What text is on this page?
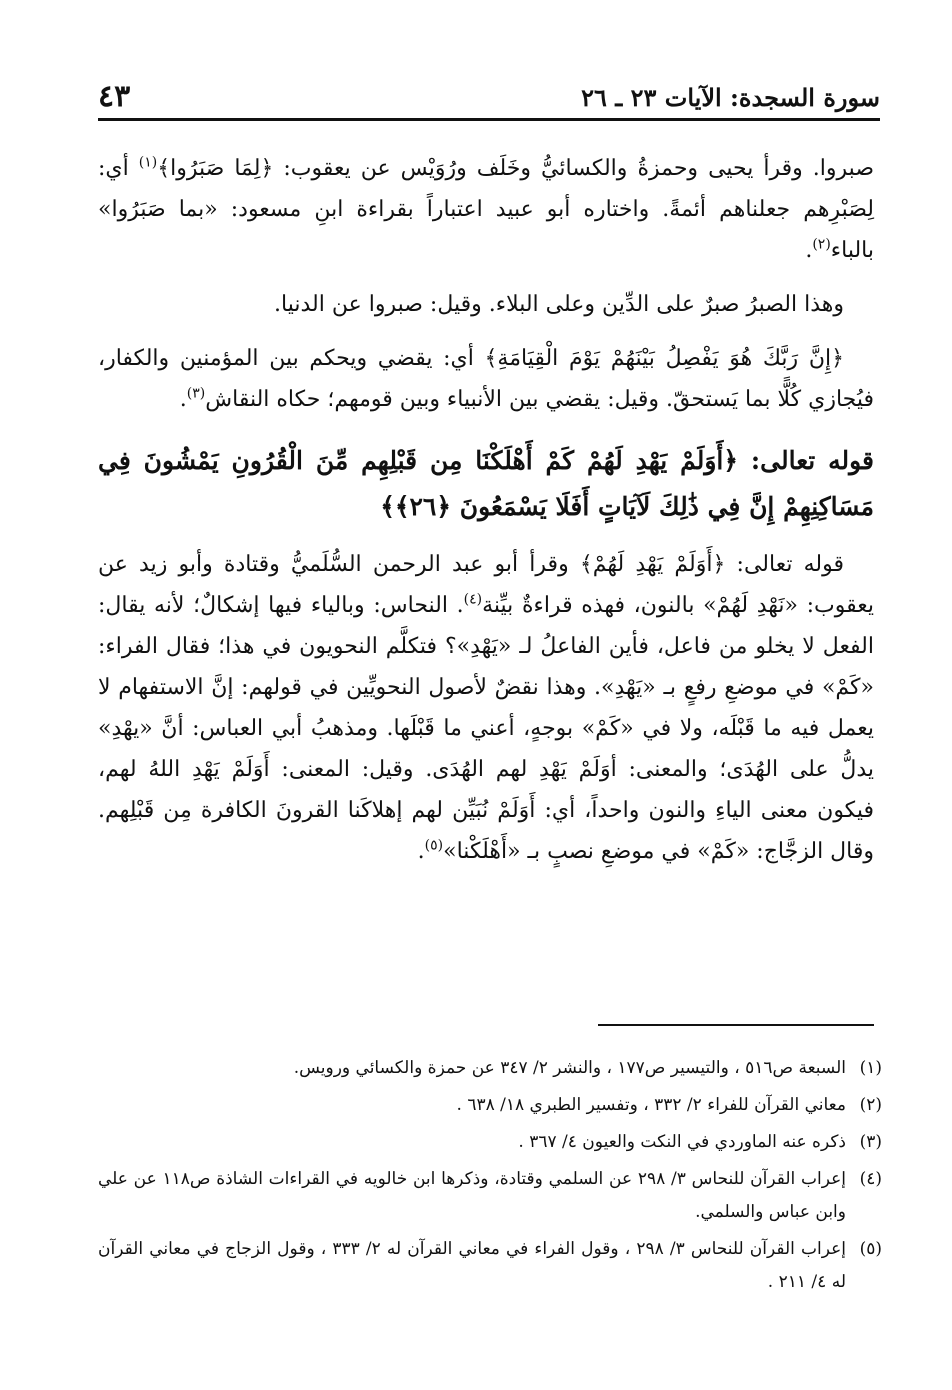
٤٣	سورة السجدة: الآيات ٢٣ ـ ٢٦

صبروا. وقرأ يحيى وحمزةُ والكسائيُّ وخَلَف ورُوَيْس عن يعقوب: ﴿لِمَا صَبَرُوا﴾$^{(١)}$ أي: لِصَبْرِهم جعلناهم أئمةً. واختاره أبو عبيد اعتباراً بقراءة ابنِ مسعود: «بما صَبَرُوا» بالباء$^{(٢)}$.

وهذا الصبرُ صبرٌ على الدِّين وعلى البلاء. وقيل: صبروا عن الدنيا.

﴿إِنَّ رَبَّكَ هُوَ يَفْصِلُ بَيْنَهُمْ يَوْمَ الْقِيَامَةِ﴾ أي: يقضي ويحكم بين المؤمنين والكفار، فيُجازي كُلًّا بما يَستحقّ. وقيل: يقضي بين الأنبياء وبين قومهم؛ حكاه النقاش$^{(٣)}$.

قوله تعالى: ﴿أَوَلَمْ يَهْدِ لَهُمْ كَمْ أَهْلَكْنَا مِن قَبْلِهِم مِّنَ الْقُرُونِ يَمْشُونَ فِي مَسَاكِنِهِمْ إِنَّ فِي ذَٰلِكَ لَآيَاتٍ أَفَلَا يَسْمَعُونَ ﴿٢٦﴾﴾

قوله تعالى: ﴿أَوَلَمْ يَهْدِ لَهُمْ﴾ وقرأ أبو عبد الرحمن السُّلَميُّ وقتادة وأبو زيد عن يعقوب: «نَهْدِ لَهُمْ» بالنون، فهذه قراءةٌ بيِّنة$^{(٤)}$. النحاس: وبالياء فيها إشكالٌ؛ لأنه يقال: الفعل لا يخلو من فاعل، فأين الفاعلُ لـ «يَهْدِ»؟ فتكلَّم النحويون في هذا؛ فقال الفراء: «كَمْ» في موضعِ رفعٍ بـ «يَهْدِ». وهذا نقضٌ لأصول النحويِّين في قولهم: إنَّ الاستفهام لا يعمل فيه ما قَبْلَه، ولا في «كَمْ» بوجهٍ، أعني ما قَبْلَها. ومذهبُ أبي العباس: أنَّ «يهْدِ» يدلُّ على الهُدَى؛ والمعنى: أوَلَمْ يَهْدِ لهم الهُدَى. وقيل: المعنى: أَوَلَمْ يَهْدِ اللهُ لهم، فيكون معنى الياءِ والنون واحداً، أي: أَوَلَمْ نُبَيِّن لهم إهلاكَنا القرونَ الكافرة مِن قَبْلِهم. وقال الزجَّاج: «كَمْ» في موضعِ نصبٍ بـ «أَهْلَكْنا»$^{(٥)}$.

(١)
السبعة ص٥١٦ ، والتيسير ص١٧٧ ، والنشر ٢/ ٣٤٧ عن حمزة والكسائي ورويس.
(٢)
معاني القرآن للفراء ٢/ ٣٣٢ ، وتفسير الطبري ١٨/ ٦٣٨ .
(٣)
ذكره عنه الماوردي في النكت والعيون ٤/ ٣٦٧ .
(٤)
إعراب القرآن للنحاس ٣/ ٢٩٨ عن السلمي وقتادة، وذكرها ابن خالويه في القراءات الشاذة ص١١٨ عن علي وابن عباس والسلمي.
(٥)
إعراب القرآن للنحاس ٣/ ٢٩٨ ، وقول الفراء في معاني القرآن له ٢/ ٣٣٣ ، وقول الزجاج في معاني القرآن له ٤/ ٢١١ .
